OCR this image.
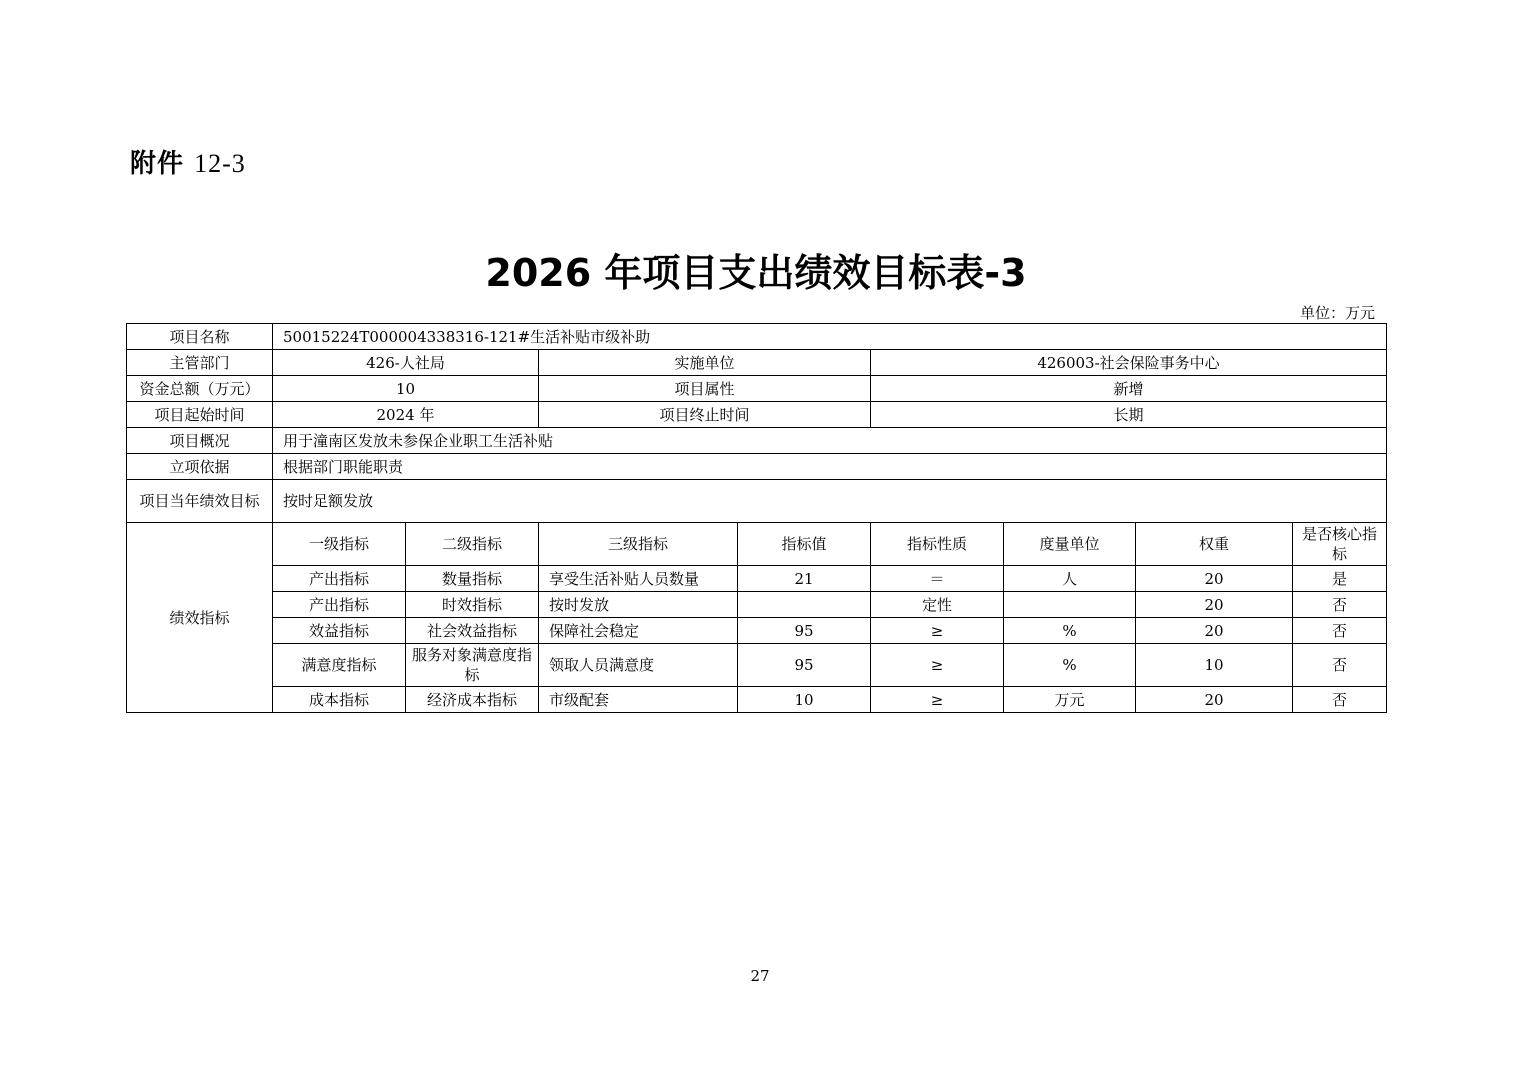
附件 12-3
2026 年项目支出绩效目标表-3
单位：万元
项目名称	50015224T000004338316-121#生活补贴市级补助							
主管部门	426-人社局		实施单位		426003-社会保险事务中心			
资金总额（万元）	10		项目属性		新增			
项目起始时间	2024 年		项目终止时间		长期			
项目概况	用于潼南区发放未参保企业职工生活补贴							
立项依据	根据部门职能职责							
项目当年绩效目标	按时足额发放							
绩效指标	一级指标	二级指标	三级指标	指标值	指标性质	度量单位	权重	是否核心指标
	产出指标	数量指标	享受生活补贴人员数量	21	＝	人	20	是
	产出指标	时效指标	按时发放		定性		20	否
	效益指标	社会效益指标	保障社会稳定	95	≥	%	20	否
	满意度指标	服务对象满意度指标	领取人员满意度	95	≥	%	10	否
	成本指标	经济成本指标	市级配套	10	≥	万元	20	否
27
